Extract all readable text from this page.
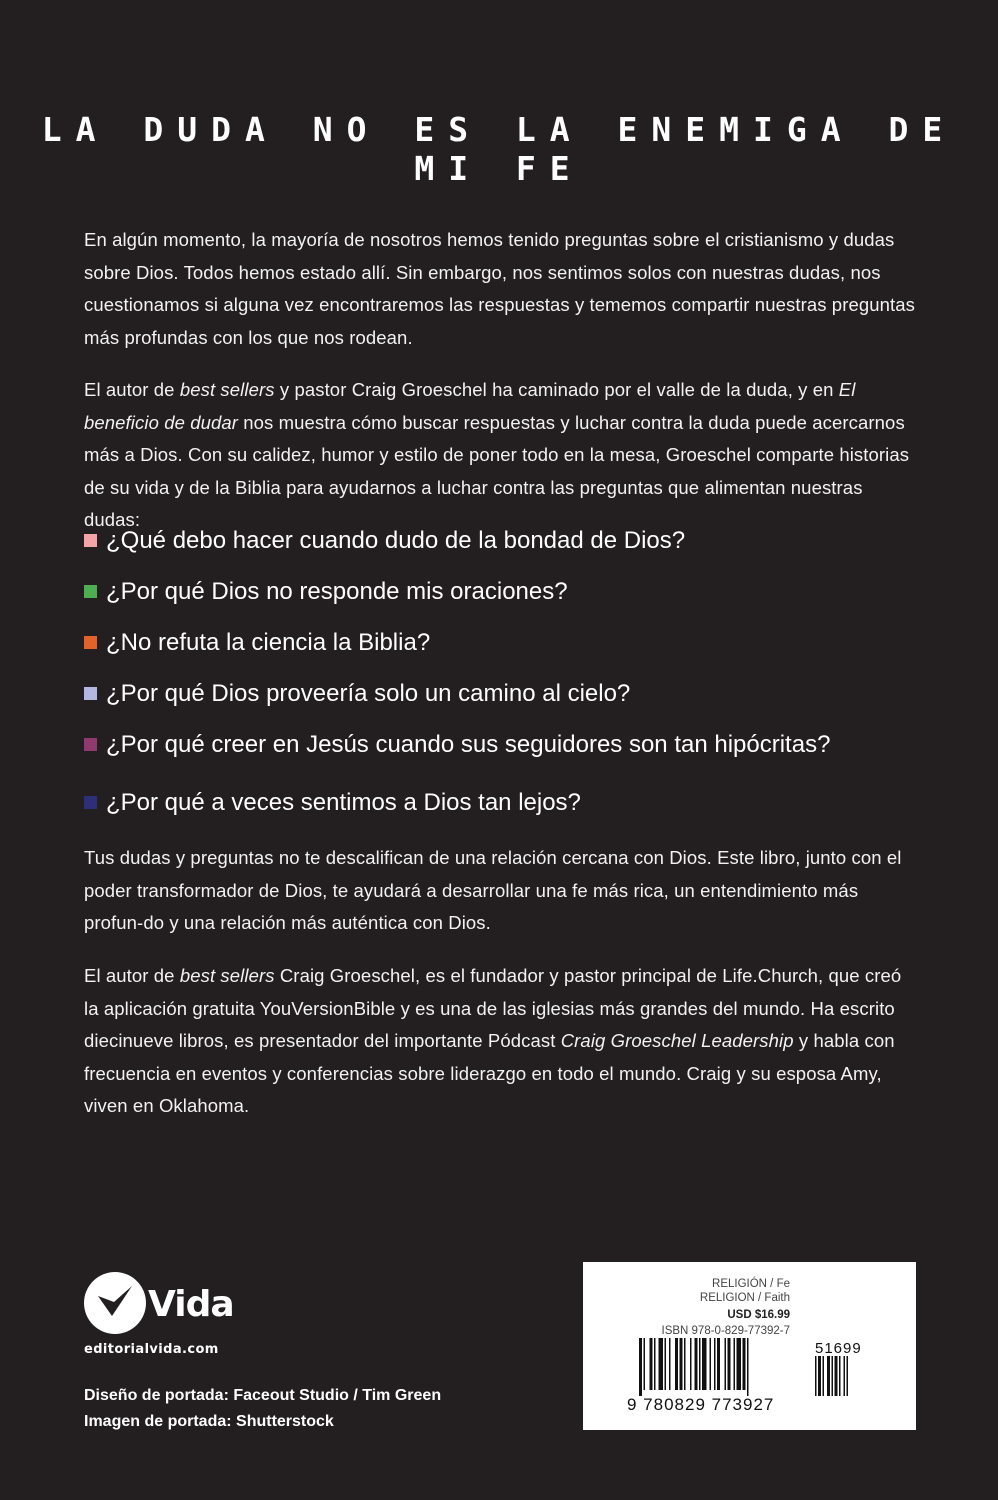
LA DUDA NO ES LA ENEMIGA DE MI FE
En algún momento, la mayoría de nosotros hemos tenido preguntas sobre el cristianismo y dudas sobre Dios. Todos hemos estado allí. Sin embargo, nos sentimos solos con nuestras dudas, nos cuestionamos si alguna vez encontraremos las respuestas y tememos compartir nuestras preguntas más profundas con los que nos rodean.
El autor de best sellers y pastor Craig Groeschel ha caminado por el valle de la duda, y en El beneficio de dudar nos muestra cómo buscar respuestas y luchar contra la duda puede acercarnos más a Dios. Con su calidez, humor y estilo de poner todo en la mesa, Groeschel comparte historias de su vida y de la Biblia para ayudarnos a luchar contra las preguntas que alimentan nuestras dudas:
¿Qué debo hacer cuando dudo de la bondad de Dios?
¿Por qué Dios no responde mis oraciones?
¿No refuta la ciencia la Biblia?
¿Por qué Dios proveería solo un camino al cielo?
¿Por qué creer en Jesús cuando sus seguidores son tan hipócritas?
¿Por qué a veces sentimos a Dios tan lejos?
Tus dudas y preguntas no te descalifican de una relación cercana con Dios. Este libro, junto con el poder transformador de Dios, te ayudará a desarrollar una fe más rica, un entendimiento más profun-do y una relación más auténtica con Dios.
El autor de best sellers Craig Groeschel, es el fundador y pastor principal de Life.Church, que creó la aplicación gratuita YouVersionBible y es una de las iglesias más grandes del mundo. Ha escrito diecinueve libros, es presentador del importante Pódcast Craig Groeschel Leadership y habla con frecuencia en eventos y conferencias sobre liderazgo en todo el mundo. Craig y su esposa Amy, viven en Oklahoma.
Vida
editorialvida.com
Diseño de portada: Faceout Studio / Tim Green
Imagen de portada: Shutterstock
RELIGIÓN / Fe
RELIGION / Faith
USD $16.99
ISBN 978-0-829-77392-7
51699
9 780829 773927
